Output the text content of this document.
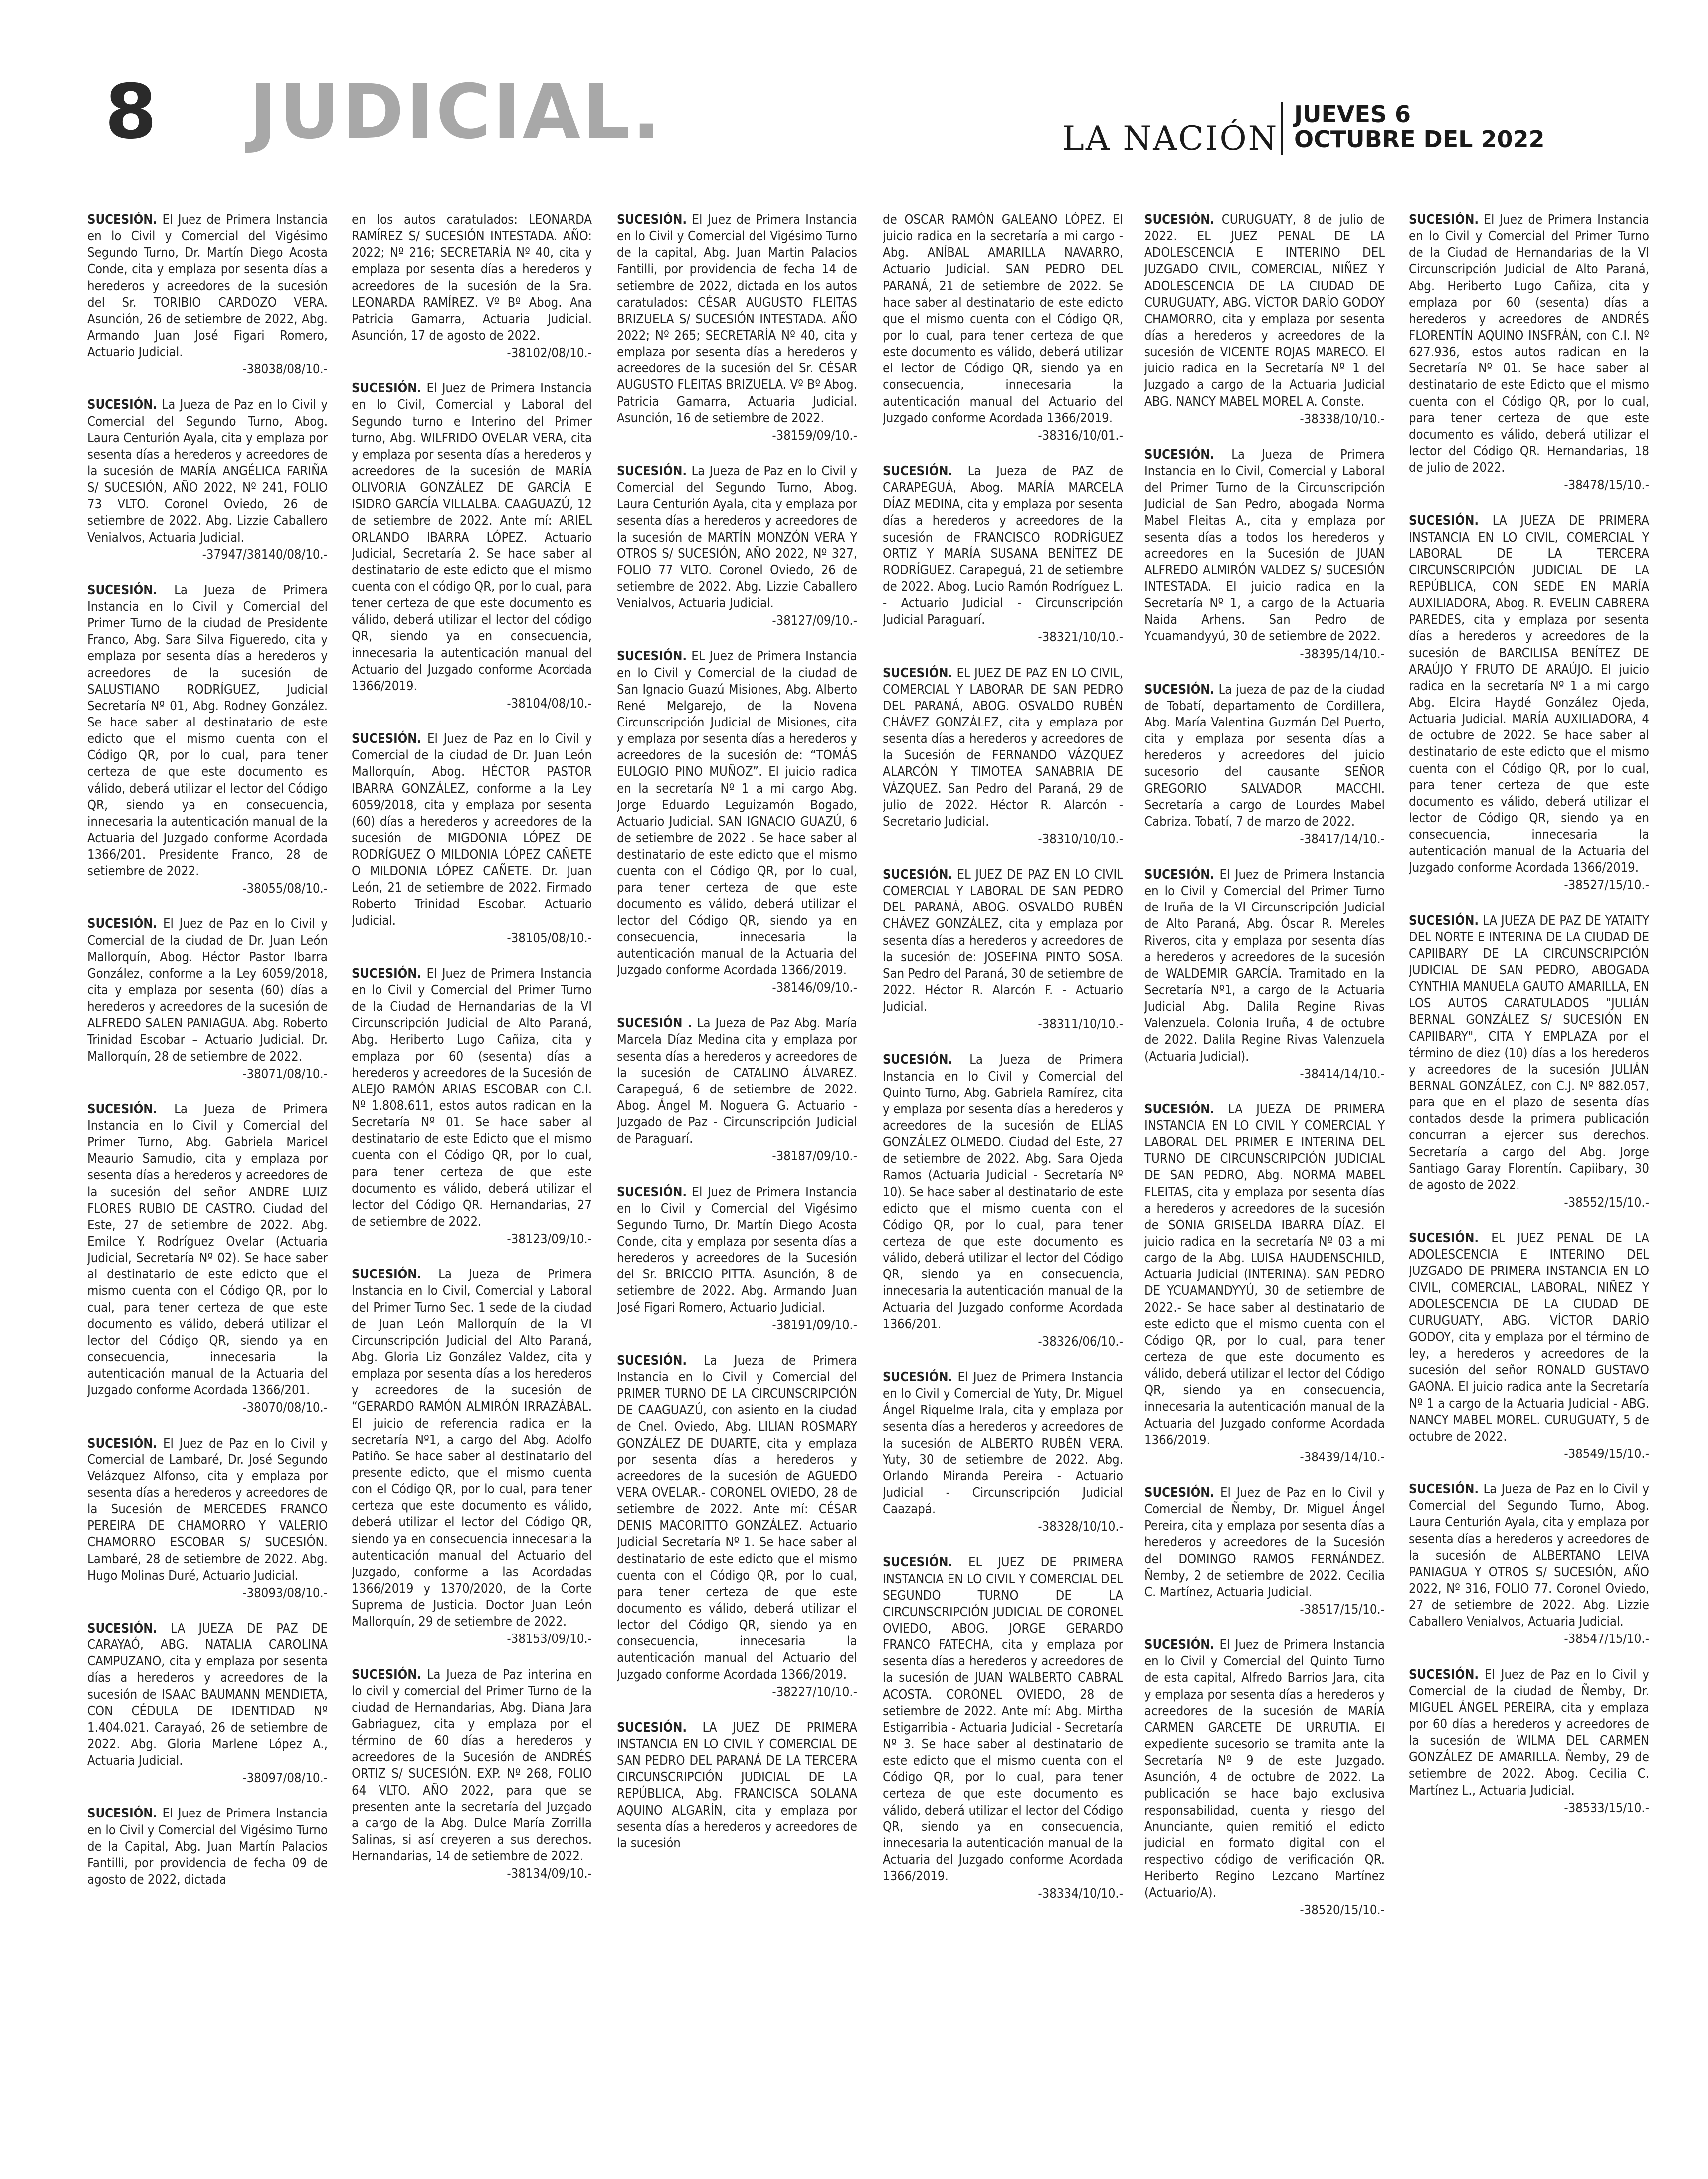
8 JUDICIAL.	LA NACIÓN
JUEVES 6
OCTUBRE DEL 2022

SUCESIÓN. El Juez de Primera Instancia en lo Civil y Comercial del Vigésimo Segundo Turno, Dr. Martín Diego Acosta Conde, cita y emplaza por sesenta días a herederos y acreedores de la sucesión del Sr. TORIBIO CARDOZO VERA. Asunción, 26 de setiembre de 2022, Abg. Armando Juan José Figari Romero, Actuario Judicial.
-38038/08/10.-

SUCESIÓN. La Jueza de Paz en lo Civil y Comercial del Segundo Turno, Abog. Laura Centurión Ayala, cita y emplaza por sesenta días a herederos y acreedores de la sucesión de MARÍA ANGÉLICA FARIÑA S/ SUCESIÓN, AÑO 2022, Nº 241, FOLIO 73 VLTO. Coronel Oviedo, 26 de setiembre de 2022. Abg. Lizzie Caballero Venialvos, Actuaria Judicial.
-37947/38140/08/10.-

SUCESIÓN. La Jueza de Primera Instancia en lo Civil y Comercial del Primer Turno de la ciudad de Presidente Franco, Abg. Sara Silva Figueredo, cita y emplaza por sesenta días a herederos y acreedores de la sucesión de SALUSTIANO RODRÍGUEZ, Judicial Secretaría Nº 01, Abg. Rodney González. Se hace saber al destinatario de este edicto que el mismo cuenta con el Código QR, por lo cual, para tener certeza de que este documento es válido, deberá utilizar el lector del Código QR, siendo ya en consecuencia, innecesaria la autenticación manual de la Actuaria del Juzgado conforme Acordada 1366/201. Presidente Franco, 28 de setiembre de 2022.
-38055/08/10.-

SUCESIÓN. El Juez de Paz en lo Civil y Comercial de la ciudad de Dr. Juan León Mallorquín, Abog. Héctor Pastor Ibarra González, conforme a la Ley 6059/2018, cita y emplaza por sesenta (60) días a herederos y acreedores de la sucesión de ALFREDO SALEN PANIAGUA. Abg. Roberto Trinidad Escobar – Actuario Judicial. Dr. Mallorquín, 28 de setiembre de 2022.
-38071/08/10.-

SUCESIÓN. La Jueza de Primera Instancia en lo Civil y Comercial del Primer Turno, Abg. Gabriela Maricel Meaurio Samudio, cita y emplaza por sesenta días a herederos y acreedores de la sucesión del señor ANDRE LUIZ FLORES RUBIO DE CASTRO. Ciudad del Este, 27 de setiembre de 2022. Abg. Emilce Y. Rodríguez Ovelar (Actuaria Judicial, Secretaría Nº 02). Se hace saber al destinatario de este edicto que el mismo cuenta con el Código QR, por lo cual, para tener certeza de que este documento es válido, deberá utilizar el lector del Código QR, siendo ya en consecuencia, innecesaria la autenticación manual de la Actuaria del Juzgado conforme Acordada 1366/201.
-38070/08/10.-

SUCESIÓN. El Juez de Paz en lo Civil y Comercial de Lambaré, Dr. José Segundo Velázquez Alfonso, cita y emplaza por sesenta días a herederos y acreedores de la Sucesión de MERCEDES FRANCO PEREIRA DE CHAMORRO Y VALERIO CHAMORRO ESCOBAR S/ SUCESIÓN. Lambaré, 28 de setiembre de 2022. Abg. Hugo Molinas Duré, Actuario Judicial.
-38093/08/10.-

SUCESIÓN. LA JUEZA DE PAZ DE CARAYAÓ, ABG. NATALIA CAROLINA CAMPUZANO, cita y emplaza por sesenta días a herederos y acreedores de la sucesión de ISAAC BAUMANN MENDIETA, CON CÉDULA DE IDENTIDAD Nº 1.404.021. Carayaó, 26 de setiembre de 2022. Abg. Gloria Marlene López A., Actuaria Judicial.
-38097/08/10.-

SUCESIÓN. El Juez de Primera Instancia en lo Civil y Comercial del Vigésimo Turno de la Capital, Abg. Juan Martín Palacios Fantilli, por providencia de fecha 09 de agosto de 2022, dictada

en los autos caratulados: LEONARDA RAMÍREZ S/ SUCESIÓN INTESTADA. AÑO: 2022; Nº 216; SECRETARÍA Nº 40, cita y emplaza por sesenta días a herederos y acreedores de la sucesión de la Sra. LEONARDA RAMÍREZ. Vº Bº Abog. Ana Patricia Gamarra, Actuaria Judicial. Asunción, 17 de agosto de 2022.
-38102/08/10.-

SUCESIÓN. El Juez de Primera Instancia en lo Civil, Comercial y Laboral del Segundo turno e Interino del Primer turno, Abg. WILFRIDO OVELAR VERA, cita y emplaza por sesenta días a herederos y acreedores de la sucesión de MARÍA OLIVORIA GONZÁLEZ DE GARCÍA E ISIDRO GARCÍA VILLALBA. CAAGUAZÚ, 12 de setiembre de 2022. Ante mí: ARIEL ORLANDO IBARRA LÓPEZ. Actuario Judicial, Secretaría 2. Se hace saber al destinatario de este edicto que el mismo cuenta con el código QR, por lo cual, para tener certeza de que este documento es válido, deberá utilizar el lector del código QR, siendo ya en consecuencia, innecesaria la autenticación manual del Actuario del Juzgado conforme Acordada 1366/2019.
-38104/08/10.-

SUCESIÓN. El Juez de Paz en lo Civil y Comercial de la ciudad de Dr. Juan León Mallorquín, Abog. HÉCTOR PASTOR IBARRA GONZÁLEZ, conforme a la Ley 6059/2018, cita y emplaza por sesenta (60) días a herederos y acreedores de la sucesión de MIGDONIA LÓPEZ DE RODRÍGUEZ O MILDONIA LÓPEZ CAÑETE O MILDONIA LÓPEZ CAÑETE. Dr. Juan León, 21 de setiembre de 2022. Firmado Roberto Trinidad Escobar. Actuario Judicial.
-38105/08/10.-

SUCESIÓN. El Juez de Primera Instancia en lo Civil y Comercial del Primer Turno de la Ciudad de Hernandarias de la VI Circunscripción Judicial de Alto Paraná, Abg. Heriberto Lugo Cañiza, cita y emplaza por 60 (sesenta) días a herederos y acreedores de la Sucesión de ALEJO RAMÓN ARIAS ESCOBAR con C.I. Nº 1.808.611, estos autos radican en la Secretaría Nº 01. Se hace saber al destinatario de este Edicto que el mismo cuenta con el Código QR, por lo cual, para tener certeza de que este documento es válido, deberá utilizar el lector del Código QR. Hernandarias, 27 de setiembre de 2022.
-38123/09/10.-

SUCESIÓN. La Jueza de Primera Instancia en lo Civil, Comercial y Laboral del Primer Turno Sec. 1 sede de la ciudad de Juan León Mallorquín de la VI Circunscripción Judicial del Alto Paraná, Abg. Gloria Liz González Valdez, cita y emplaza por sesenta días a los herederos y acreedores de la sucesión de “GERARDO RAMÓN ALMIRÓN IRRAZÁBAL. El juicio de referencia radica en la secretaría Nº1, a cargo del Abg. Adolfo Patiño. Se hace saber al destinatario del presente edicto, que el mismo cuenta con el Código QR, por lo cual, para tener certeza que este documento es válido, deberá utilizar el lector del Código QR, siendo ya en consecuencia innecesaria la autenticación manual del Actuario del Juzgado, conforme a las Acordadas 1366/2019 y 1370/2020, de la Corte Suprema de Justicia. Doctor Juan León Mallorquín, 29 de setiembre de 2022.
-38153/09/10.-

SUCESIÓN. La Jueza de Paz interina en lo civil y comercial del Primer Turno de la ciudad de Hernandarias, Abg. Diana Jara Gabriaguez, cita y emplaza por el término de 60 días a herederos y acreedores de la Sucesión de ANDRÉS ORTIZ S/ SUCESIÓN. EXP. Nº 268, FOLIO 64 VLTO. AÑO 2022, para que se presenten ante la secretaría del Juzgado a cargo de la Abg. Dulce María Zorrilla Salinas, si así creyeren a sus derechos. Hernandarias, 14 de setiembre de 2022.
-38134/09/10.-

SUCESIÓN. El Juez de Primera Instancia en lo Civil y Comercial del Vigésimo Turno de la capital, Abg. Juan Martin Palacios Fantilli, por providencia de fecha 14 de setiembre de 2022, dictada en los autos caratulados: CÉSAR AUGUSTO FLEITAS BRIZUELA S/ SUCESIÓN INTESTADA. AÑO 2022; Nº 265; SECRETARÍA Nº 40, cita y emplaza por sesenta días a herederos y acreedores de la sucesión del Sr. CÉSAR AUGUSTO FLEITAS BRIZUELA. Vº Bº Abog. Patricia Gamarra, Actuaria Judicial. Asunción, 16 de setiembre de 2022.
-38159/09/10.-

SUCESIÓN. La Jueza de Paz en lo Civil y Comercial del Segundo Turno, Abog. Laura Centurión Ayala, cita y emplaza por sesenta días a herederos y acreedores de la sucesión de MARTÍN MONZÓN VERA Y OTROS S/ SUCESIÓN, AÑO 2022, Nº 327, FOLIO 77 VLTO. Coronel Oviedo, 26 de setiembre de 2022. Abg. Lizzie Caballero Venialvos, Actuaria Judicial.
-38127/09/10.-

SUCESIÓN. EL Juez de Primera Instancia en lo Civil y Comercial de la ciudad de San Ignacio Guazú Misiones, Abg. Alberto René Melgarejo, de la Novena Circunscripción Judicial de Misiones, cita y emplaza por sesenta días a herederos y acreedores de la sucesión de: “TOMÁS EULOGIO PINO MUÑOZ”. El juicio radica en la secretaría Nº 1 a mi cargo Abg. Jorge Eduardo Leguizamón Bogado, Actuario Judicial. SAN IGNACIO GUAZÚ, 6 de setiembre de 2022 . Se hace saber al destinatario de este edicto que el mismo cuenta con el Código QR, por lo cual, para tener certeza de que este documento es válido, deberá utilizar el lector del Código QR, siendo ya en consecuencia, innecesaria la autenticación manual de la Actuaria del Juzgado conforme Acordada 1366/2019.
-38146/09/10.-

SUCESIÓN . La Jueza de Paz Abg. María Marcela Díaz Medina cita y emplaza por sesenta días a herederos y acreedores de la sucesión de CATALINO ÁLVAREZ. Carapeguá, 6 de setiembre de 2022. Abog. Ángel M. Noguera G. Actuario - Juzgado de Paz - Circunscripción Judicial de Paraguarí.
-38187/09/10.-

SUCESIÓN. El Juez de Primera Instancia en lo Civil y Comercial del Vigésimo Segundo Turno, Dr. Martín Diego Acosta Conde, cita y emplaza por sesenta días a herederos y acreedores de la Sucesión del Sr. BRICCIO PITTA. Asunción, 8 de setiembre de 2022. Abg. Armando Juan José Figari Romero, Actuario Judicial.
-38191/09/10.-

SUCESIÓN. La Jueza de Primera Instancia en lo Civil y Comercial del PRIMER TURNO DE LA CIRCUNSCRIPCIÓN DE CAAGUAZÚ, con asiento en la ciudad de Cnel. Oviedo, Abg. LILIAN ROSMARY GONZÁLEZ DE DUARTE, cita y emplaza por sesenta días a herederos y acreedores de la sucesión de AGUEDO VERA OVELAR.- CORONEL OVIEDO, 28 de setiembre de 2022. Ante mí: CÉSAR DENIS MACORITTO GONZÁLEZ. Actuario Judicial Secretaría Nº 1. Se hace saber al destinatario de este edicto que el mismo cuenta con el Código QR, por lo cual, para tener certeza de que este documento es válido, deberá utilizar el lector del Código QR, siendo ya en consecuencia, innecesaria la autenticación manual del Actuario del Juzgado conforme Acordada 1366/2019.
-38227/10/10.-

SUCESIÓN. LA JUEZ DE PRIMERA INSTANCIA EN LO CIVIL Y COMERCIAL DE SAN PEDRO DEL PARANÁ DE LA TERCERA CIRCUNSCRIPCIÓN JUDICIAL DE LA REPÚBLICA, Abg. FRANCISCA SOLANA AQUINO ALGARÍN, cita y emplaza por sesenta días a herederos y acreedores de la sucesión

de OSCAR RAMÓN GALEANO LÓPEZ. El juicio radica en la secretaría a mi cargo - Abg. ANÍBAL AMARILLA NAVARRO, Actuario Judicial. SAN PEDRO DEL PARANÁ, 21 de setiembre de 2022. Se hace saber al destinatario de este edicto que el mismo cuenta con el Código QR, por lo cual, para tener certeza de que este documento es válido, deberá utilizar el lector de Código QR, siendo ya en consecuencia, innecesaria la autenticación manual del Actuario del Juzgado conforme Acordada 1366/2019.
-38316/10/01.-

SUCESIÓN. La Jueza de PAZ de CARAPEGUÁ, Abog. MARÍA MARCELA DÍAZ MEDINA, cita y emplaza por sesenta días a herederos y acreedores de la sucesión de FRANCISCO RODRÍGUEZ ORTIZ Y MARÍA SUSANA BENÍTEZ DE RODRÍGUEZ. Carapeguá, 21 de setiembre de 2022. Abog. Lucio Ramón Rodríguez L. - Actuario Judicial - Circunscripción Judicial Paraguarí.
-38321/10/10.-

SUCESIÓN. EL JUEZ DE PAZ EN LO CIVIL, COMERCIAL Y LABORAR DE SAN PEDRO DEL PARANÁ, ABOG. OSVALDO RUBÉN CHÁVEZ GONZÁLEZ, cita y emplaza por sesenta días a herederos y acreedores de la Sucesión de FERNANDO VÁZQUEZ ALARCÓN Y TIMOTEA SANABRIA DE VÁZQUEZ. San Pedro del Paraná, 29 de julio de 2022. Héctor R. Alarcón - Secretario Judicial.
-38310/10/10.-

SUCESIÓN. EL JUEZ DE PAZ EN LO CIVIL COMERCIAL Y LABORAL DE SAN PEDRO DEL PARANÁ, ABOG. OSVALDO RUBÉN CHÁVEZ GONZÁLEZ, cita y emplaza por sesenta días a herederos y acreedores de la sucesión de: JOSEFINA PINTO SOSA. San Pedro del Paraná, 30 de setiembre de 2022. Héctor R. Alarcón F. - Actuario Judicial.
-38311/10/10.-

SUCESIÓN. La Jueza de Primera Instancia en lo Civil y Comercial del Quinto Turno, Abg. Gabriela Ramírez, cita y emplaza por sesenta días a herederos y acreedores de la sucesión de ELÍAS GONZÁLEZ OLMEDO. Ciudad del Este, 27 de setiembre de 2022. Abg. Sara Ojeda Ramos (Actuaria Judicial - Secretaría Nº 10). Se hace saber al destinatario de este edicto que el mismo cuenta con el Código QR, por lo cual, para tener certeza de que este documento es válido, deberá utilizar el lector del Código QR, siendo ya en consecuencia, innecesaria la autenticación manual de la Actuaria del Juzgado conforme Acordada 1366/201.
-38326/06/10.-

SUCESIÓN. El Juez de Primera Instancia en lo Civil y Comercial de Yuty, Dr. Miguel Ángel Riquelme Irala, cita y emplaza por sesenta días a herederos y acreedores de la sucesión de ALBERTO RUBÉN VERA. Yuty, 30 de setiembre de 2022. Abg. Orlando Miranda Pereira - Actuario Judicial - Circunscripción Judicial Caazapá.
-38328/10/10.-

SUCESIÓN. EL JUEZ DE PRIMERA INSTANCIA EN LO CIVIL Y COMERCIAL DEL SEGUNDO TURNO DE LA CIRCUNSCRIPCIÓN JUDICIAL DE CORONEL OVIEDO, ABOG. JORGE GERARDO FRANCO FATECHA, cita y emplaza por sesenta días a herederos y acreedores de la sucesión de JUAN WALBERTO CABRAL ACOSTA. CORONEL OVIEDO, 28 de setiembre de 2022. Ante mí: Abg. Mirtha Estigarribia - Actuaria Judicial - Secretaría Nº 3. Se hace saber al destinatario de este edicto que el mismo cuenta con el Código QR, por lo cual, para tener certeza de que este documento es válido, deberá utilizar el lector del Código QR, siendo ya en consecuencia, innecesaria la autenticación manual de la Actuaria del Juzgado conforme Acordada 1366/2019.
-38334/10/10.-

SUCESIÓN. CURUGUATY, 8 de julio de 2022. EL JUEZ PENAL DE LA ADOLESCENCIA E INTERINO DEL JUZGADO CIVIL, COMERCIAL, NIÑEZ Y ADOLESCENCIA DE LA CIUDAD DE CURUGUATY, ABG. VÍCTOR DARÍO GODOY CHAMORRO, cita y emplaza por sesenta días a herederos y acreedores de la sucesión de VICENTE ROJAS MARECO. El juicio radica en la Secretaría Nº 1 del Juzgado a cargo de la Actuaria Judicial ABG. NANCY MABEL MOREL A. Conste.
-38338/10/10.-

SUCESIÓN. La Jueza de Primera Instancia en lo Civil, Comercial y Laboral del Primer Turno de la Circunscripción Judicial de San Pedro, abogada Norma Mabel Fleitas A., cita y emplaza por sesenta días a todos los herederos y acreedores en la Sucesión de JUAN ALFREDO ALMIRÓN VALDEZ S/ SUCESIÓN INTESTADA. El juicio radica en la Secretaría Nº 1, a cargo de la Actuaria Naida Arhens. San Pedro de Ycuamandyyú, 30 de setiembre de 2022.
-38395/14/10.-

SUCESIÓN. La jueza de paz de la ciudad de Tobatí, departamento de Cordillera, Abg. María Valentina Guzmán Del Puerto, cita y emplaza por sesenta días a herederos y acreedores del juicio sucesorio del causante SEÑOR GREGORIO SALVADOR MACCHI. Secretaría a cargo de Lourdes Mabel Cabriza. Tobatí, 7 de marzo de 2022.
-38417/14/10.-

SUCESIÓN. El Juez de Primera Instancia en lo Civil y Comercial del Primer Turno de Iruña de la VI Circunscripción Judicial de Alto Paraná, Abg. Óscar R. Mereles Riveros, cita y emplaza por sesenta días a herederos y acreedores de la sucesión de WALDEMIR GARCÍA. Tramitado en la Secretaría Nº1, a cargo de la Actuaria Judicial Abg. Dalila Regine Rivas Valenzuela. Colonia Iruña, 4 de octubre de 2022. Dalila Regine Rivas Valenzuela (Actuaria Judicial).
-38414/14/10.-

SUCESIÓN. LA JUEZA DE PRIMERA INSTANCIA EN LO CIVIL Y COMERCIAL Y LABORAL DEL PRIMER E INTERINA DEL TURNO DE CIRCUNSCRIPCIÓN JUDICIAL DE SAN PEDRO, Abg. NORMA MABEL FLEITAS, cita y emplaza por sesenta días a herederos y acreedores de la sucesión de SONIA GRISELDA IBARRA DÍAZ. El juicio radica en la secretaría Nº 03 a mi cargo de la Abg. LUISA HAUDENSCHILD, Actuaria Judicial (INTERINA). SAN PEDRO DE YCUAMANDYYÚ, 30 de setiembre de 2022.- Se hace saber al destinatario de este edicto que el mismo cuenta con el Código QR, por lo cual, para tener certeza de que este documento es válido, deberá utilizar el lector del Código QR, siendo ya en consecuencia, innecesaria la autenticación manual de la Actuaria del Juzgado conforme Acordada 1366/2019.
-38439/14/10.-

SUCESIÓN. El Juez de Paz en lo Civil y Comercial de Ñemby, Dr. Miguel Ángel Pereira, cita y emplaza por sesenta días a herederos y acreedores de la Sucesión del DOMINGO RAMOS FERNÁNDEZ. Ñemby, 2 de setiembre de 2022. Cecilia C. Martínez, Actuaria Judicial.
-38517/15/10.-

SUCESIÓN. El Juez de Primera Instancia en lo Civil y Comercial del Quinto Turno de esta capital, Alfredo Barrios Jara, cita y emplaza por sesenta días a herederos y acreedores de la sucesión de MARÍA CARMEN GARCETE DE URRUTIA. El expediente sucesorio se tramita ante la Secretaría Nº 9 de este Juzgado. Asunción, 4 de octubre de 2022. La publicación se hace bajo exclusiva responsabilidad, cuenta y riesgo del Anunciante, quien remitió el edicto judicial en formato digital con el respectivo código de verificación QR. Heriberto Regino Lezcano Martínez (Actuario/A).
-38520/15/10.-

SUCESIÓN. El Juez de Primera Instancia en lo Civil y Comercial del Primer Turno de la Ciudad de Hernandarias de la VI Circunscripción Judicial de Alto Paraná, Abg. Heriberto Lugo Cañiza, cita y emplaza por 60 (sesenta) días a herederos y acreedores de ANDRÉS FLORENTÍN AQUINO INSFRÁN, con C.I. Nº 627.936, estos autos radican en la Secretaría Nº 01. Se hace saber al destinatario de este Edicto que el mismo cuenta con el Código QR, por lo cual, para tener certeza de que este documento es válido, deberá utilizar el lector del Código QR. Hernandarias, 18 de julio de 2022.
-38478/15/10.-

SUCESIÓN. LA JUEZA DE PRIMERA INSTANCIA EN LO CIVIL, COMERCIAL Y LABORAL DE LA TERCERA CIRCUNSCRIPCIÓN JUDICIAL DE LA REPÚBLICA, CON SEDE EN MARÍA AUXILIADORA, Abog. R. EVELIN CABRERA PAREDES, cita y emplaza por sesenta días a herederos y acreedores de la sucesión de BARCILISA BENÍTEZ DE ARAÚJO Y FRUTO DE ARAÚJO. El juicio radica en la secretaría Nº 1 a mi cargo Abg. Elcira Haydé González Ojeda, Actuaria Judicial. MARÍA AUXILIADORA, 4 de octubre de 2022. Se hace saber al destinatario de este edicto que el mismo cuenta con el Código QR, por lo cual, para tener certeza de que este documento es válido, deberá utilizar el lector de Código QR, siendo ya en consecuencia, innecesaria la autenticación manual de la Actuaria del Juzgado conforme Acordada 1366/2019.
-38527/15/10.-

SUCESIÓN. LA JUEZA DE PAZ DE YATAITY DEL NORTE E INTERINA DE LA CIUDAD DE CAPIIBARY DE LA CIRCUNSCRIPCIÓN JUDICIAL DE SAN PEDRO, ABOGADA CYNTHIA MANUELA GAUTO AMARILLA, EN LOS AUTOS CARATULADOS "JULIÁN BERNAL GONZÁLEZ S/ SUCESIÓN EN CAPIIBARY", CITA Y EMPLAZA por el término de diez (10) días a los herederos y acreedores de la sucesión JULIÁN BERNAL GONZÁLEZ, con C.J. Nº 882.057, para que en el plazo de sesenta días contados desde la primera publicación concurran a ejercer sus derechos. Secretaría a cargo del Abg. Jorge Santiago Garay Florentín. Capiibary, 30 de agosto de 2022.
-38552/15/10.-

SUCESIÓN. EL JUEZ PENAL DE LA ADOLESCENCIA E INTERINO DEL JUZGADO DE PRIMERA INSTANCIA EN LO CIVIL, COMERCIAL, LABORAL, NIÑEZ Y ADOLESCENCIA DE LA CIUDAD DE CURUGUATY, ABG. VÍCTOR DARÍO GODOY, cita y emplaza por el término de ley, a herederos y acreedores de la sucesión del señor RONALD GUSTAVO GAONA. El juicio radica ante la Secretaría Nº 1 a cargo de la Actuaria Judicial - ABG. NANCY MABEL MOREL. CURUGUATY, 5 de octubre de 2022.
-38549/15/10.-

SUCESIÓN. La Jueza de Paz en lo Civil y Comercial del Segundo Turno, Abog. Laura Centurión Ayala, cita y emplaza por sesenta días a herederos y acreedores de la sucesión de ALBERTANO LEIVA PANIAGUA Y OTROS S/ SUCESIÓN, AÑO 2022, Nº 316, FOLIO 77. Coronel Oviedo, 27 de setiembre de 2022. Abg. Lizzie Caballero Venialvos, Actuaria Judicial.
-38547/15/10.-

SUCESIÓN. El Juez de Paz en lo Civil y Comercial de la ciudad de Ñemby, Dr. MIGUEL ÁNGEL PEREIRA, cita y emplaza por 60 días a herederos y acreedores de la sucesión de WILMA DEL CARMEN GONZÁLEZ DE AMARILLA. Ñemby, 29 de setiembre de 2022. Abog. Cecilia C. Martínez L., Actuaria Judicial.
-38533/15/10.-
